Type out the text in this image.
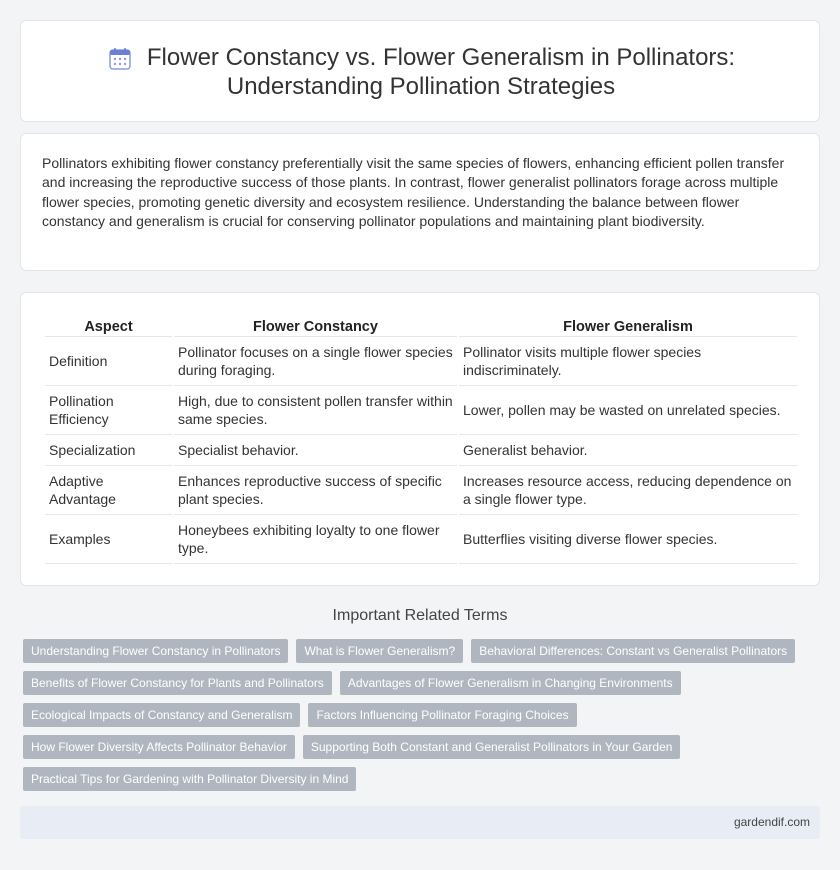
Flower Constancy vs. Flower Generalism in Pollinators:
Understanding Pollination Strategies

Pollinators exhibiting flower constancy preferentially visit the same species of flowers, enhancing efficient pollen transfer and increasing the reproductive success of those plants. In contrast, flower generalist pollinators forage across multiple flower species, promoting genetic diversity and ecosystem resilience. Understanding the balance between flower constancy and generalism is crucial for conserving pollinator populations and maintaining plant biodiversity.

Aspect	Flower Constancy	Flower Generalism
Definition	Pollinator focuses on a single flower species during foraging.	Pollinator visits multiple flower species indiscriminately.
Pollination Efficiency	High, due to consistent pollen transfer within same species.	Lower, pollen may be wasted on unrelated species.
Specialization	Specialist behavior.	Generalist behavior.
Adaptive Advantage	Enhances reproductive success of specific plant species.	Increases resource access, reducing dependence on a single flower type.
Examples	Honeybees exhibiting loyalty to one flower type.	Butterflies visiting diverse flower species.
Important Related Terms
Understanding Flower Constancy in Pollinators	What is Flower Generalism?	Behavioral Differences: Constant vs Generalist Pollinators
Benefits of Flower Constancy for Plants and Pollinators	Advantages of Flower Generalism in Changing Environments
Ecological Impacts of Constancy and Generalism	Factors Influencing Pollinator Foraging Choices
How Flower Diversity Affects Pollinator Behavior	Supporting Both Constant and Generalist Pollinators in Your Garden
Practical Tips for Gardening with Pollinator Diversity in Mind
gardendif.com
